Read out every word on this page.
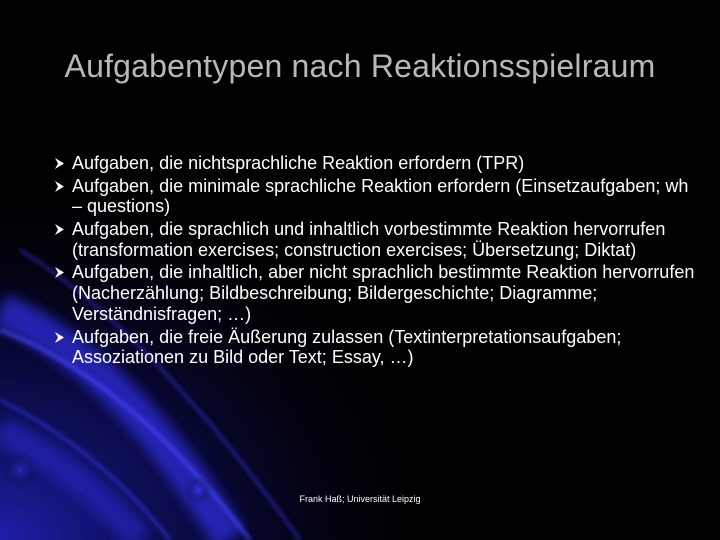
Aufgabentypen nach Reaktionsspielraum
Aufgaben, die nichtsprachliche Reaktion erfordern (TPR)
Aufgaben, die minimale sprachliche Reaktion erfordern (Einsetzaufgaben; wh – questions)
Aufgaben, die sprachlich und inhaltlich vorbestimmte Reaktion hervorrufen (transformation exercises; construction exercises; Übersetzung; Diktat)
Aufgaben, die inhaltlich, aber nicht sprachlich bestimmte Reaktion hervorrufen (Nacherzählung; Bildbeschreibung; Bildergeschichte; Diagramme; Verständnisfragen; …)
Aufgaben, die freie Äußerung zulassen (Textinterpretationsaufgaben; Assoziationen zu Bild oder Text; Essay, …)
Frank Haß; Universität Leipzig
